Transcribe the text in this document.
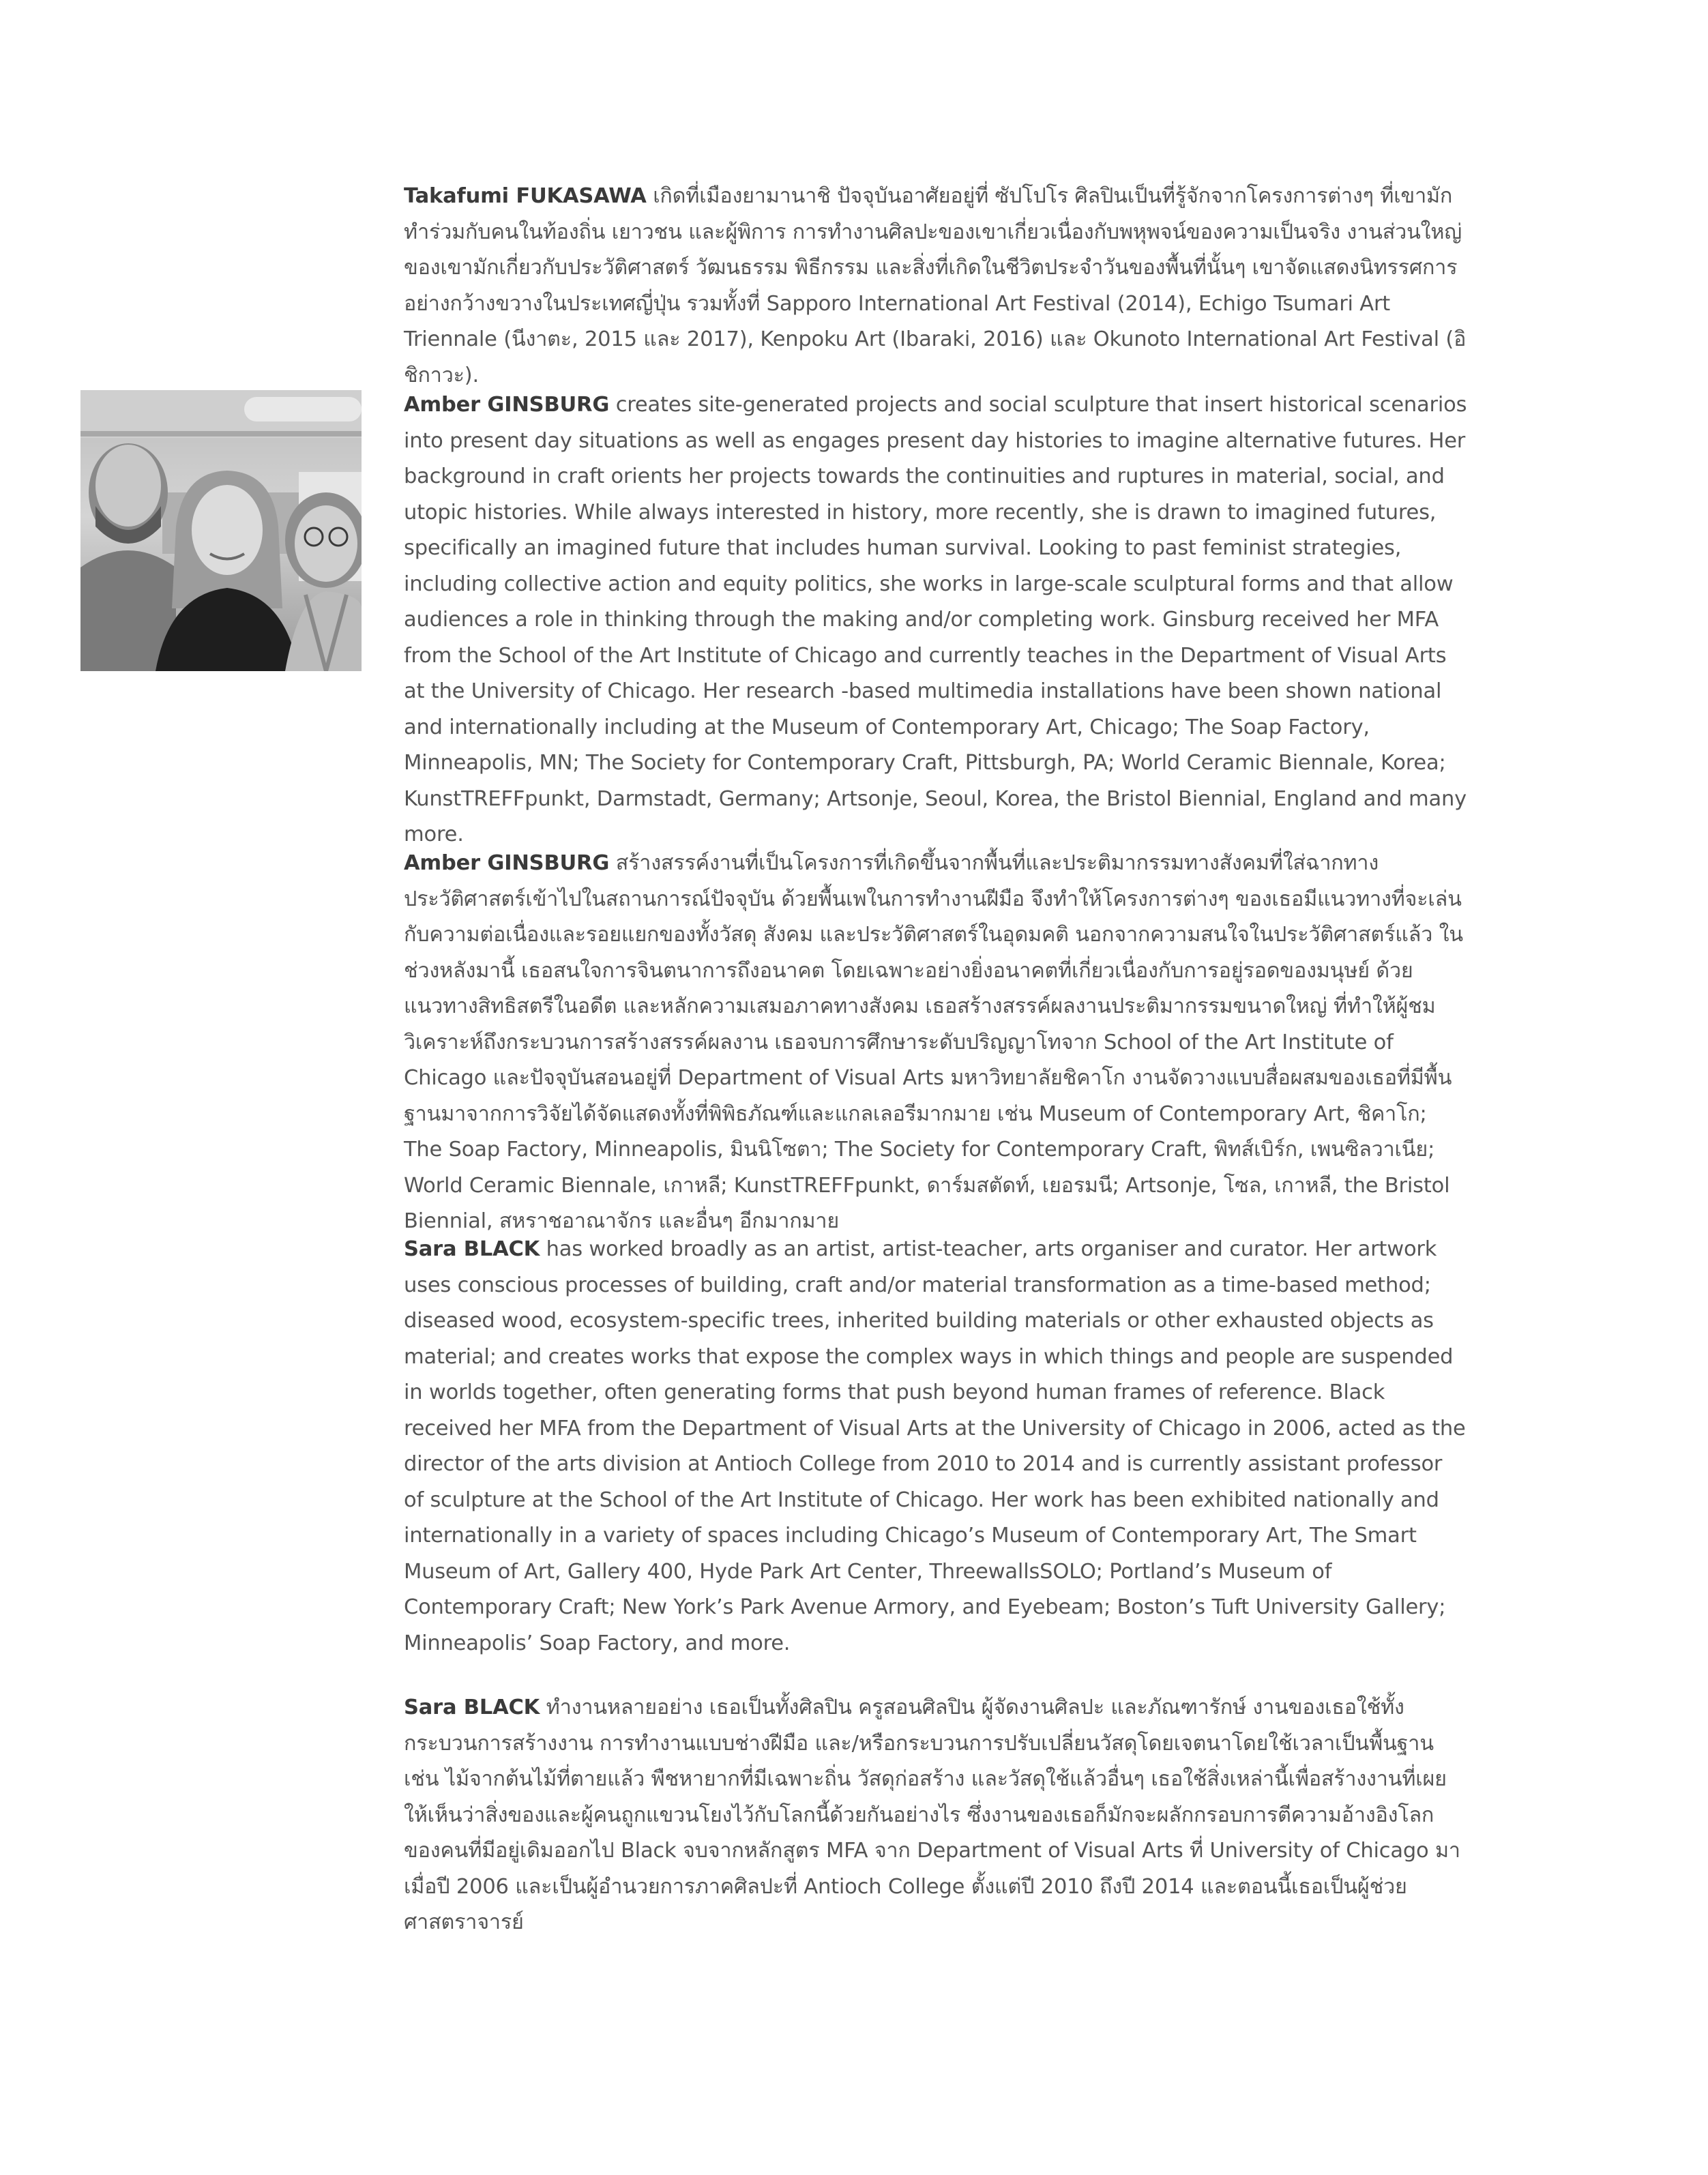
Takafumi FUKASAWA เกิดที่เมืองยามานาชิ ปัจจุบันอาศัยอยู่ที่ ซัปโปโร ศิลปินเป็นที่รู้จักจากโครงการต่างๆ ที่เขามักทำร่วมกับคนในท้องถิ่น เยาวชน และผู้พิการ การทำงานศิลปะของเขาเกี่ยวเนื่องกับพหุพจน์ของความเป็นจริง งานส่วนใหญ่ของเขามักเกี่ยวกับประวัติศาสตร์ วัฒนธรรม พิธีกรรม และสิ่งที่เกิดในชีวิตประจำวันของพื้นที่นั้นๆ เขาจัดแสดงนิทรรศการอย่างกว้างขวางในประเทศญี่ปุ่น รวมทั้งที่ Sapporo International Art Festival (2014), Echigo Tsumari Art Triennale (นีงาตะ, 2015 และ 2017), Kenpoku Art (Ibaraki, 2016) และ Okunoto International Art Festival (อิชิกาวะ).

Amber GINSBURG creates site-generated projects and social sculpture that insert historical scenarios into present day situations as well as engages present day histories to imagine alternative futures. Her background in craft orients her projects towards the continuities and ruptures in material, social, and utopic histories. While always interested in history, more recently, she is drawn to imagined futures, specifically an imagined future that includes human survival. Looking to past feminist strategies, including collective action and equity politics, she works in large-scale sculptural forms and that allow audiences a role in thinking through the making and/or completing work. Ginsburg received her MFA from the School of the Art Institute of Chicago and currently teaches in the Department of Visual Arts at the University of Chicago. Her research -based multimedia installations have been shown national and internationally including at the Museum of Contemporary Art, Chicago; The Soap Factory, Minneapolis, MN; The Society for Contemporary Craft, Pittsburgh, PA; World Ceramic Biennale, Korea; KunstTREFFpunkt, Darmstadt, Germany; Artsonje, Seoul, Korea, the Bristol Biennial, England and many more.

Amber GINSBURG สร้างสรรค์งานที่เป็นโครงการที่เกิดขึ้นจากพื้นที่และประติมากรรมทางสังคมที่ใส่ฉากทางประวัติศาสตร์เข้าไปในสถานการณ์ปัจจุบัน ด้วยพื้นเพในการทำงานฝีมือ จึงทำให้โครงการต่างๆ ของเธอมีแนวทางที่จะเล่นกับความต่อเนื่องและรอยแยกของทั้งวัสดุ สังคม และประวัติศาสตร์ในอุดมคติ นอกจากความสนใจในประวัติศาสตร์แล้ว ในช่วงหลังมานี้ เธอสนใจการจินตนาการถึงอนาคต โดยเฉพาะอย่างยิ่งอนาคตที่เกี่ยวเนื่องกับการอยู่รอดของมนุษย์ ด้วยแนวทางสิทธิสตรีในอดีต และหลักความเสมอภาคทางสังคม เธอสร้างสรรค์ผลงานประติมากรรมขนาดใหญ่ ที่ทำให้ผู้ชมวิเคราะห์ถึงกระบวนการสร้างสรรค์ผลงาน เธอจบการศึกษาระดับปริญญาโทจาก School of the Art Institute of Chicago และปัจจุบันสอนอยู่ที่ Department of Visual Arts มหาวิทยาลัยชิคาโก งานจัดวางแบบสื่อผสมของเธอที่มีพื้นฐานมาจากการวิจัยได้จัดแสดงทั้งที่พิพิธภัณฑ์และแกลเลอรีมากมาย เช่น Museum of Contemporary Art, ชิคาโก; The Soap Factory, Minneapolis, มินนิโซตา; The Society for Contemporary Craft, พิทส์เบิร์ก, เพนซิลวาเนีย; World Ceramic Biennale, เกาหลี; KunstTREFFpunkt, ดาร์มสตัดท์, เยอรมนี; Artsonje, โซล, เกาหลี, the Bristol Biennial, สหราชอาณาจักร และอื่นๆ อีกมากมาย

Sara BLACK has worked broadly as an artist, artist-teacher, arts organiser and curator. Her artwork uses conscious processes of building, craft and/or material transformation as a time-based method; diseased wood, ecosystem-specific trees, inherited building materials or other exhausted objects as material; and creates works that expose the complex ways in which things and people are suspended in worlds together, often generating forms that push beyond human frames of reference. Black received her MFA from the Department of Visual Arts at the University of Chicago in 2006, acted as the director of the arts division at Antioch College from 2010 to 2014 and is currently assistant professor of sculpture at the School of the Art Institute of Chicago. Her work has been exhibited nationally and internationally in a variety of spaces including Chicago’s Museum of Contemporary Art, The Smart Museum of Art, Gallery 400, Hyde Park Art Center, ThreewallsSOLO; Portland’s Museum of Contemporary Craft; New York’s Park Avenue Armory, and Eyebeam; Boston’s Tuft University Gallery; Minneapolis’ Soap Factory, and more.

Sara BLACK ทำงานหลายอย่าง เธอเป็นทั้งศิลปิน ครูสอนศิลปิน ผู้จัดงานศิลปะ และภัณฑารักษ์ งานของเธอใช้ทั้งกระบวนการสร้างงาน การทำงานแบบช่างฝีมือ และ/หรือกระบวนการปรับเปลี่ยนวัสดุโดยเจตนาโดยใช้เวลาเป็นพื้นฐาน เช่น ไม้จากต้นไม้ที่ตายแล้ว พืชหายากที่มีเฉพาะถิ่น วัสดุก่อสร้าง และวัสดุใช้แล้วอื่นๆ เธอใช้สิ่งเหล่านี้เพื่อสร้างงานที่เผยให้เห็นว่าสิ่งของและผู้คนถูกแขวนโยงไว้กับโลกนี้ด้วยกันอย่างไร ซึ่งงานของเธอก็มักจะผลักกรอบการตีความอ้างอิงโลกของคนที่มีอยู่เดิมออกไป Black จบจากหลักสูตร MFA จาก Department of Visual Arts ที่ University of Chicago มาเมื่อปี 2006 และเป็นผู้อำนวยการภาคศิลปะที่ Antioch College ตั้งแต่ปี 2010 ถึงปี 2014 และตอนนี้เธอเป็นผู้ช่วยศาสตราจารย์
